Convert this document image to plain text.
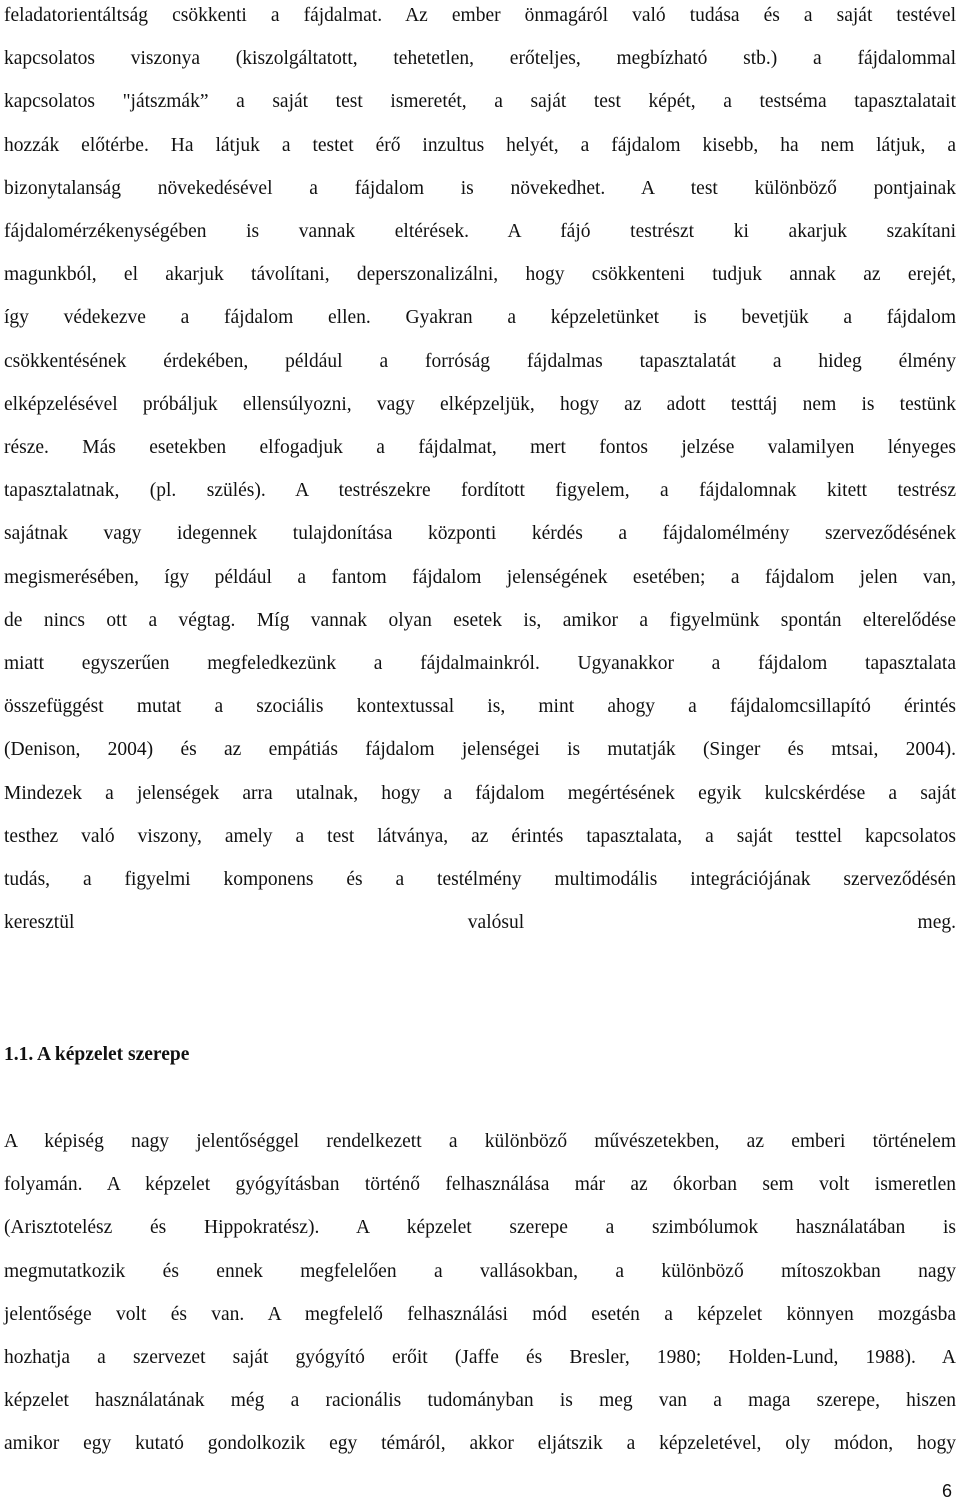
feladatorientáltság csökkenti a fájdalmat. Az ember önmagáról való tudása és a saját testével
kapcsolatos viszonya (kiszolgáltatott, tehetetlen, erőteljes, megbízható stb.) a fájdalommal
kapcsolatos "játszmák” a saját test ismeretét, a saját test képét, a testséma tapasztalatait
hozzák előtérbe. Ha látjuk a testet érő inzultus helyét, a fájdalom kisebb, ha nem látjuk, a
bizonytalanság növekedésével a fájdalom is növekedhet. A test különböző pontjainak
fájdalomérzékenységében is vannak eltérések. A fájó testrészt ki akarjuk szakítani
magunkból, el akarjuk távolítani, deperszonalizálni, hogy csökkenteni tudjuk annak az erejét,
így védekezve a fájdalom ellen. Gyakran a képzeletünket is bevetjük a fájdalom
csökkentésének érdekében, például a forróság fájdalmas tapasztalatát a hideg élmény
elképzelésével próbáljuk ellensúlyozni, vagy elképzeljük, hogy az adott testtáj nem is testünk
része. Más esetekben elfogadjuk a fájdalmat, mert fontos jelzése valamilyen lényeges
tapasztalatnak, (pl. szülés). A testrészekre fordított figyelem, a fájdalomnak kitett testrész
sajátnak vagy idegennek tulajdonítása központi kérdés a fájdalomélmény szerveződésének
megismerésében, így például a fantom fájdalom jelenségének esetében; a fájdalom jelen van,
de nincs ott a végtag. Míg vannak olyan esetek is, amikor a figyelmünk spontán elterelődése
miatt egyszerűen megfeledkezünk a fájdalmainkról. Ugyanakkor a fájdalom tapasztalata
összefüggést mutat a szociális kontextussal is, mint ahogy a fájdalomcsillapító érintés
(Denison, 2004) és az empátiás fájdalom jelenségei is mutatják (Singer és mtsai, 2004).
Mindezek a jelenségek arra utalnak, hogy a fájdalom megértésének egyik kulcskérdése a saját
testhez való viszony, amely a test látványa, az érintés tapasztalata, a saját testtel kapcsolatos
tudás, a figyelmi komponens és a testélmény multimodális integrációjának szerveződésén
keresztül valósul meg.
1.1. A képzelet szerepe
A képiség nagy jelentőséggel rendelkezett a különböző művészetekben, az emberi történelem
folyamán. A képzelet gyógyításban történő felhasználása már az ókorban sem volt ismeretlen
(Arisztotelész és Hippokratész). A képzelet szerepe a szimbólumok használatában is
megmutatkozik és ennek megfelelően a vallásokban, a különböző mítoszokban nagy
jelentősége volt és van. A megfelelő felhasználási mód esetén a képzelet könnyen mozgásba
hozhatja a szervezet saját gyógyító erőit (Jaffe és Bresler, 1980; Holden-Lund, 1988). A
képzelet használatának még a racionális tudományban is meg van a maga szerepe, hiszen
amikor egy kutató gondolkozik egy témáról, akkor eljátszik a képzeletével, oly módon, hogy
6
